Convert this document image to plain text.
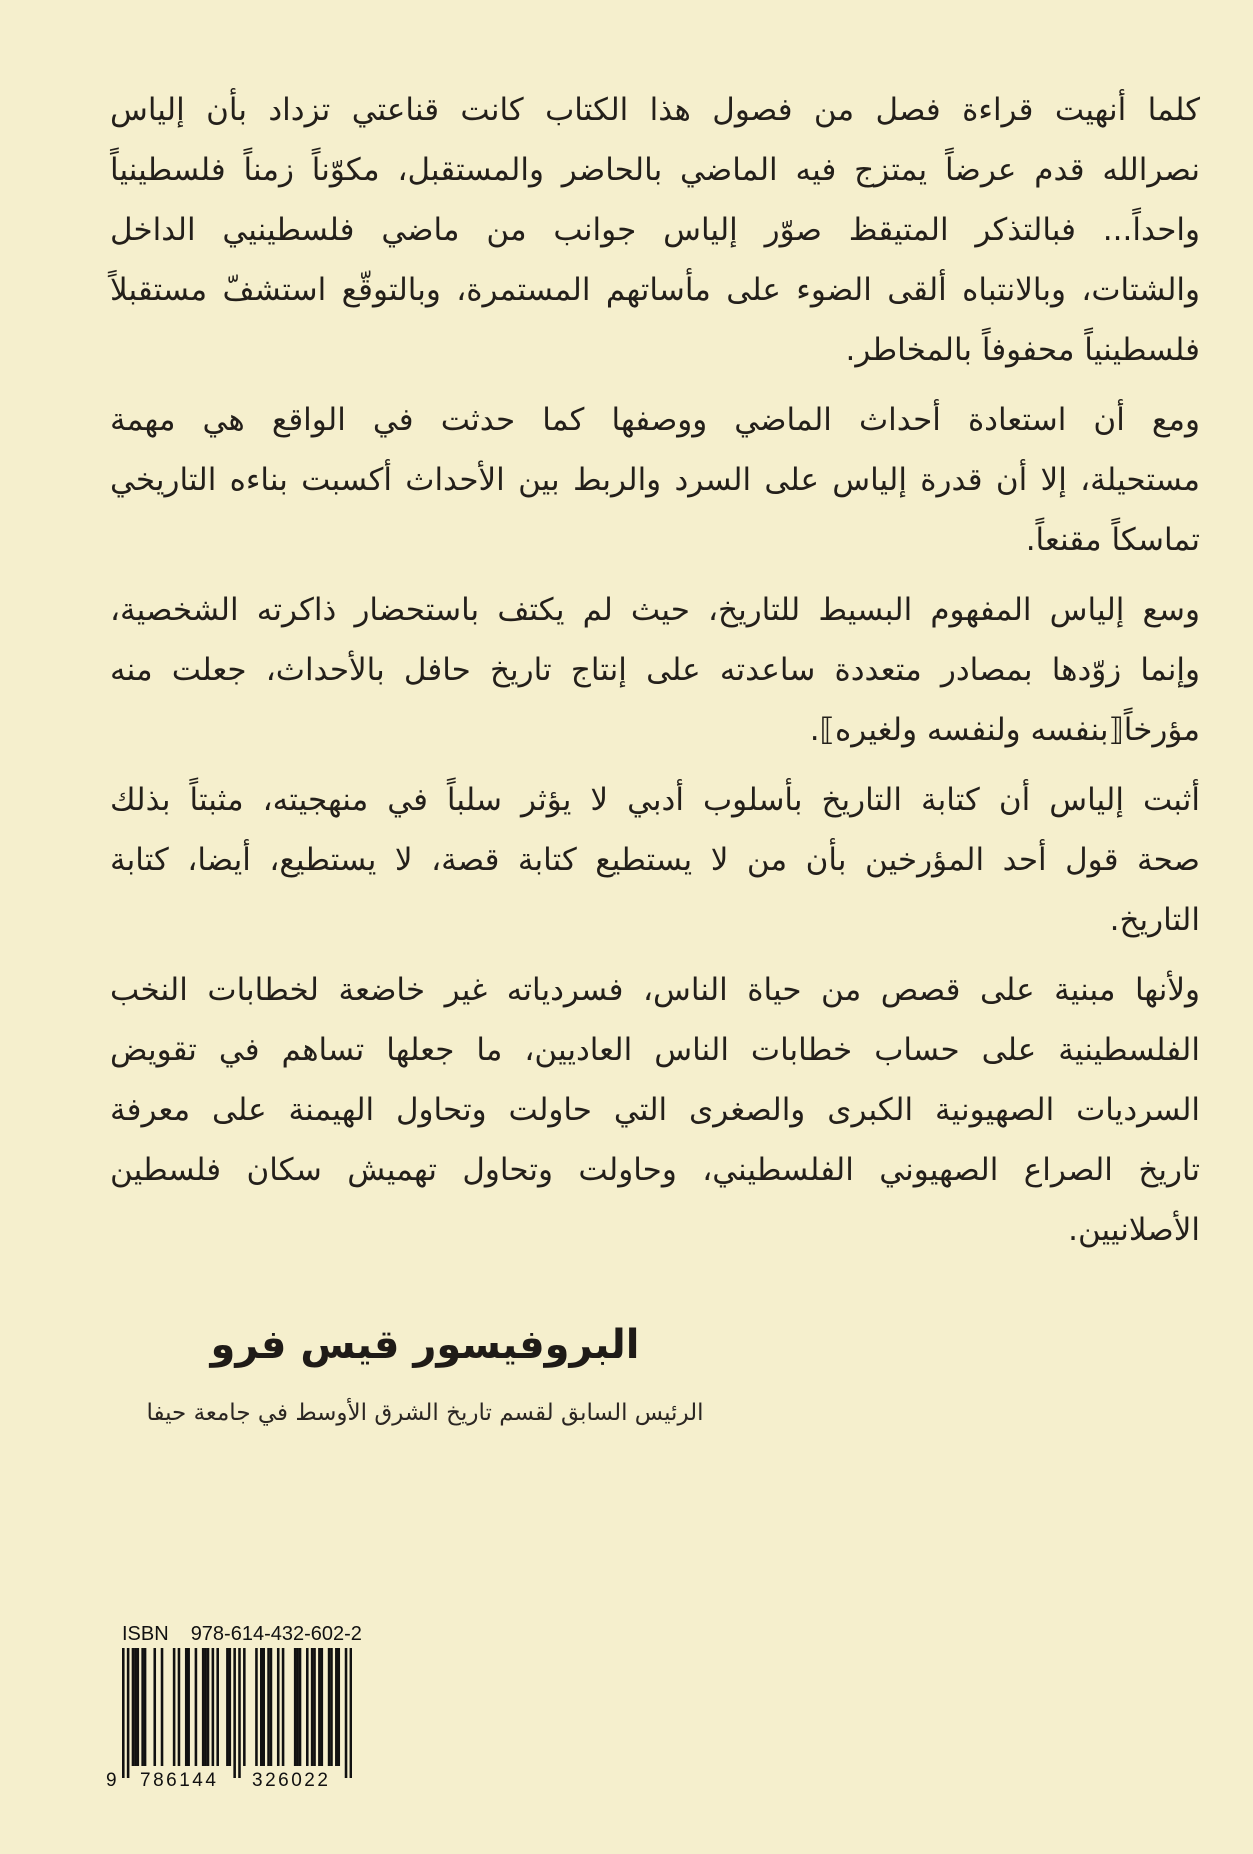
كلما أنهيت قراءة فصل من فصول هذا الكتاب كانت قناعتي تزداد بأن إلياس
نصرالله قدم عرضاً يمتزج فيه الماضي بالحاضر والمستقبل، مكوّناً زمناً فلسطينياً
واحداً... فبالتذكر المتيقظ صوّر إلياس جوانب من ماضي فلسطينيي الداخل
والشتات، وبالانتباه ألقى الضوء على مأساتهم المستمرة، وبالتوقّع استشفّ مستقبلاً
فلسطينياً محفوفاً بالمخاطر.
ومع أن استعادة أحداث الماضي ووصفها كما حدثت في الواقع هي مهمة
مستحيلة، إلا أن قدرة إلياس على السرد والربط بين الأحداث أكسبت بناءه التاريخي
تماسكاً مقنعاً.
وسع إلياس المفهوم البسيط للتاريخ، حيث لم يكتف باستحضار ذاكرته الشخصية،
وإنما زوّدها بمصادر متعددة ساعدته على إنتاج تاريخ حافل بالأحداث، جعلت منه
مؤرخاً⟦بنفسه ولنفسه ولغيره⟧.
أثبت إلياس أن كتابة التاريخ بأسلوب أدبي لا يؤثر سلباً في منهجيته، مثبتاً بذلك
صحة قول أحد المؤرخين بأن من لا يستطيع كتابة قصة، لا يستطيع، أيضا، كتابة
التاريخ.
ولأنها مبنية على قصص من حياة الناس، فسردياته غير خاضعة لخطابات النخب
الفلسطينية على حساب خطابات الناس العاديين، ما جعلها تساهم في تقويض
السرديات الصهيونية الكبرى والصغرى التي حاولت وتحاول الهيمنة على معرفة
تاريخ الصراع الصهيوني الفلسطيني، وحاولت وتحاول تهميش سكان فلسطين
الأصلانيين.
البروفيسور قيس فرو
الرئيس السابق لقسم تاريخ الشرق الأوسط في جامعة حيفا
ISBN 978-614-432-602-2
9 786144 326022
